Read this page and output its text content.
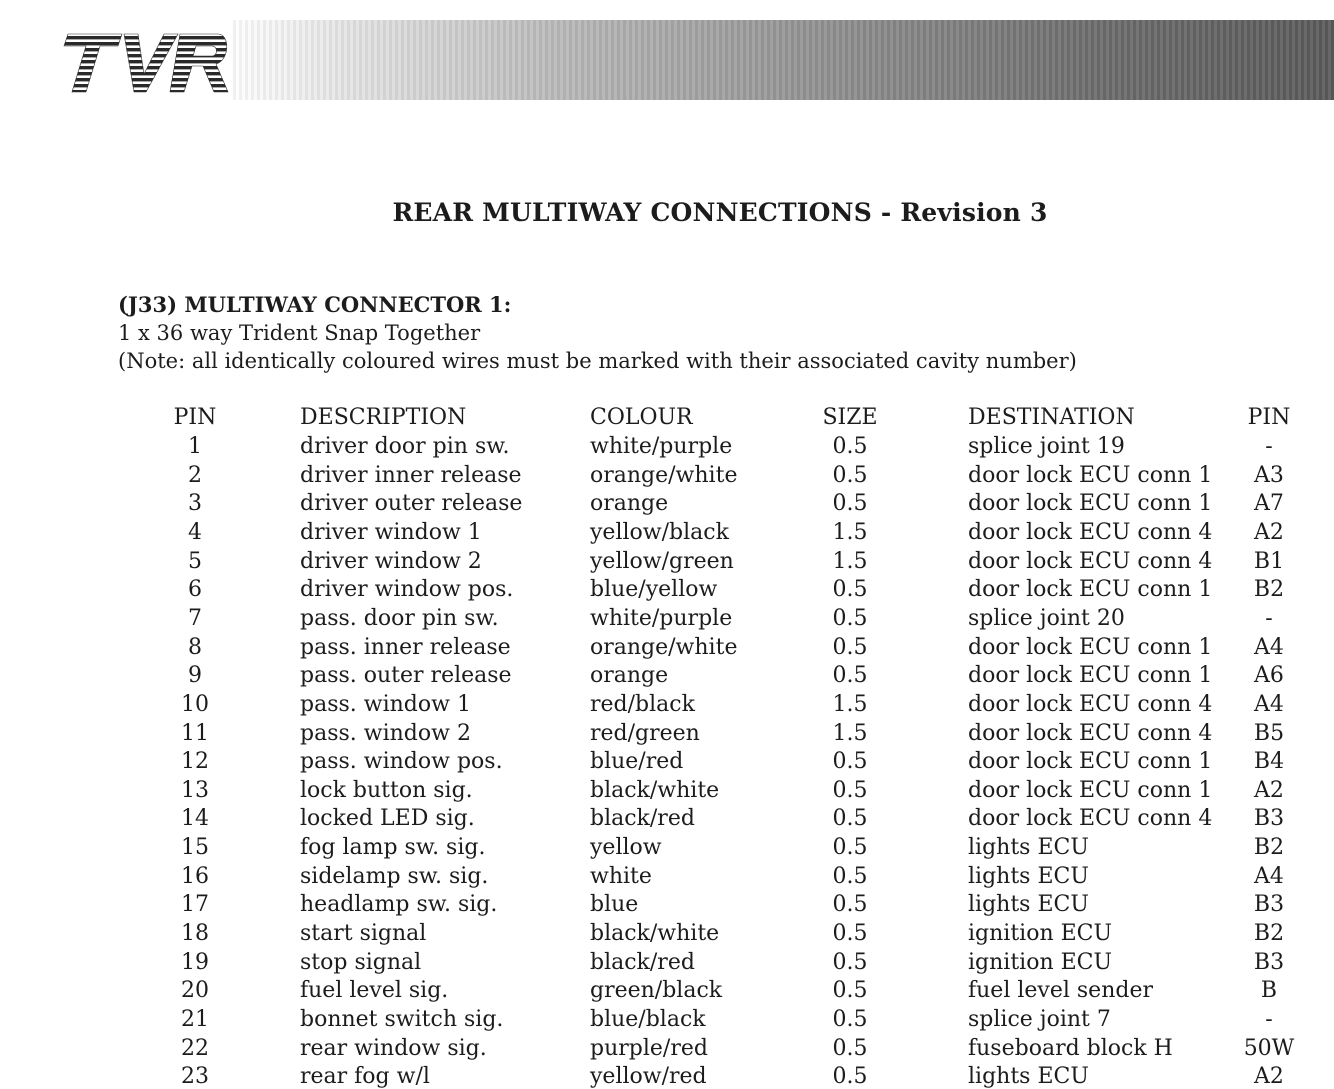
REAR MULTIWAY CONNECTIONS - Revision 3
(J33) MULTIWAY CONNECTOR 1:
1 x 36 way Trident Snap Together
(Note: all identically coloured wires must be marked with their associated cavity number)
PIN	DESCRIPTION	COLOUR	SIZE	DESTINATION	PIN
1	driver door pin sw.	white/purple	0.5	splice joint 19	-
2	driver inner release	orange/white	0.5	door lock ECU conn 1	A3
3	driver outer release	orange	0.5	door lock ECU conn 1	A7
4	driver window 1	yellow/black	1.5	door lock ECU conn 4	A2
5	driver window 2	yellow/green	1.5	door lock ECU conn 4	B1
6	driver window pos.	blue/yellow	0.5	door lock ECU conn 1	B2
7	pass. door pin sw.	white/purple	0.5	splice joint 20	-
8	pass. inner release	orange/white	0.5	door lock ECU conn 1	A4
9	pass. outer release	orange	0.5	door lock ECU conn 1	A6
10	pass. window 1	red/black	1.5	door lock ECU conn 4	A4
11	pass. window 2	red/green	1.5	door lock ECU conn 4	B5
12	pass. window pos.	blue/red	0.5	door lock ECU conn 1	B4
13	lock button sig.	black/white	0.5	door lock ECU conn 1	A2
14	locked LED sig.	black/red	0.5	door lock ECU conn 4	B3
15	fog lamp sw. sig.	yellow	0.5	lights ECU	B2
16	sidelamp sw. sig.	white	0.5	lights ECU	A4
17	headlamp sw. sig.	blue	0.5	lights ECU	B3
18	start signal	black/white	0.5	ignition ECU	B2
19	stop signal	black/red	0.5	ignition ECU	B3
20	fuel level sig.	green/black	0.5	fuel level sender	B
21	bonnet switch sig.	blue/black	0.5	splice joint 7	-
22	rear window sig.	purple/red	0.5	fuseboard block H	50W
23	rear fog w/l	yellow/red	0.5	lights ECU	A2
